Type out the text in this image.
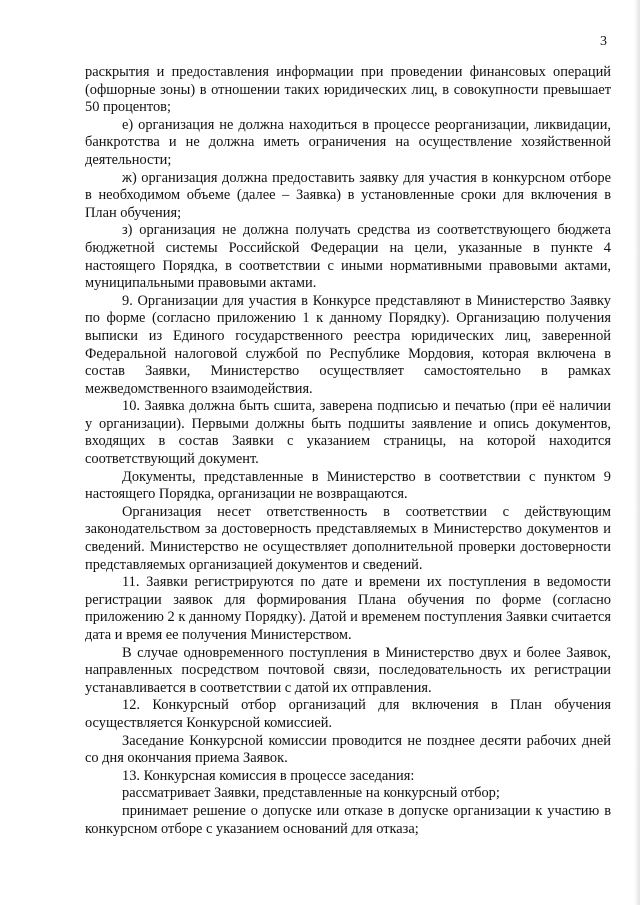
3

раскрытия и предоставления информации при проведении финансовых операций (офшорные зоны) в отношении таких юридических лиц, в совокупности превышает 50 процентов;

е) организация не должна находиться в процессе реорганизации, ликвидации, банкротства и не должна иметь ограничения на осуществление хозяйственной деятельности;

ж) организация должна предоставить заявку для участия в конкурсном отборе в необходимом объеме (далее – Заявка) в установленные сроки для включения в План обучения;

з) организация не должна получать средства из соответствующего бюджета бюджетной системы Российской Федерации на цели, указанные в пункте 4 настоящего Порядка, в соответствии с иными нормативными правовыми актами, муниципальными правовыми актами.

9. Организации для участия в Конкурсе представляют в Министерство Заявку по форме (согласно приложению 1 к данному Порядку). Организацию получения выписки из Единого государственного реестра юридических лиц, заверенной Федеральной налоговой службой по Республике Мордовия, которая включена в состав Заявки, Министерство осуществляет самостоятельно в рамках межведомственного взаимодействия.

10. Заявка должна быть сшита, заверена подписью и печатью (при её наличии у организации). Первыми должны быть подшиты заявление и опись документов, входящих в состав Заявки с указанием страницы, на которой находится соответствующий документ.

Документы, представленные в Министерство в соответствии с пунктом 9 настоящего Порядка, организации не возвращаются.

Организация несет ответственность в соответствии с действующим законодательством за достоверность представляемых в Министерство документов и сведений. Министерство не осуществляет дополнительной проверки достоверности представляемых организацией документов и сведений.

11. Заявки регистрируются по дате и времени их поступления в ведомости регистрации заявок для формирования Плана обучения по форме (согласно приложению 2 к данному Порядку). Датой и временем поступления Заявки считается дата и время ее получения Министерством.

В случае одновременного поступления в Министерство двух и более Заявок, направленных посредством почтовой связи, последовательность их регистрации устанавливается в соответствии с датой их отправления.

12. Конкурсный отбор организаций для включения в План обучения осуществляется Конкурсной комиссией.

Заседание Конкурсной комиссии проводится не позднее десяти рабочих дней со дня окончания приема Заявок.

13. Конкурсная комиссия в процессе заседания:

рассматривает Заявки, представленные на конкурсный отбор;

принимает решение о допуске или отказе в допуске организации к участию в конкурсном отборе с указанием оснований для отказа;
